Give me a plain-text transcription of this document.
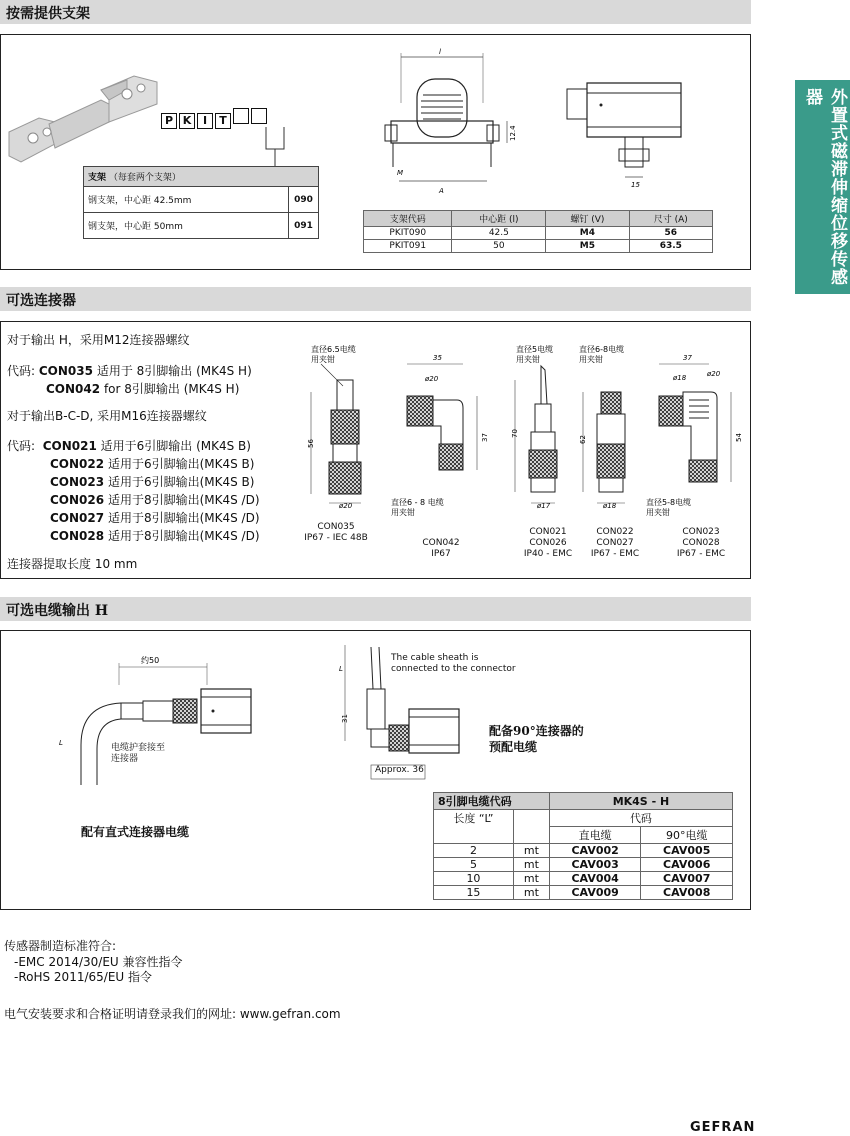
外置式磁滞伸缩位移传感器
按需提供支架
P K I T
支架 （每套两个支架）	
钢支架，中心距 42.5mm	090
钢支架，中心距 50mm	091
l
A
M
12.4
15
支架代码	中心距 (l)	螺钉 (V)	尺寸 (A)
PKIT090	42.5	M4	56
PKIT091	50	M5	63.5
可选连接器
对于输出 H，采用M12连接器螺纹
代码: CON035 适用于 8引脚输出 (MK4S H)
CON042 for 8引脚输出 (MK4S H)
对于输出B-C-D, 采用M16连接器螺纹
代码: CON021 适用于6引脚输出 (MK4S B)
CON022 适用于6引脚输出(MK4S B)
CON023 适用于6引脚输出(MK4S B)
CON026 适用于8引脚输出(MK4S /D)
CON027 适用于8引脚输出(MK4S /D)
CON028 适用于8引脚输出(MK4S /D)
连接器提取长度 10 mm
直径6.5电缆
用夹钳
56
ø20
35
ø20
37
直径6 - 8 电缆
用夹钳
直径5电缆
用夹钳
70
ø17
直径6-8电缆
用夹钳
62
ø18
37
ø18	ø20
54
直径5-8电缆
用夹钳
CON035
IP67 - IEC 48B	CON042
IP67
CON021
CON026
IP40 - EMC
CON022
CON027
IP67 - EMC
CON023
CON028
IP67 - EMC
可选电缆输出 H
约50
L	电缆护套接至
连接器
配有直式连接器电缆
The cable sheath is
connected to the connector
L
31
Approx. 36
配备90°连接器的
预配电缆
8引脚电缆代码		MK4S - H	
长度 “L”		代码	
		直电缆	90°电缆
2	mt	CAV002	CAV005
5	mt	CAV003	CAV006
10	mt	CAV004	CAV007
15	mt	CAV009	CAV008
传感器制造标准符合:
-EMC 2014/30/EU 兼容性指令
-RoHS 2011/65/EU 指令
电气安装要求和合格证明请登录我们的网址: www.gefran.com
GEFRAN
